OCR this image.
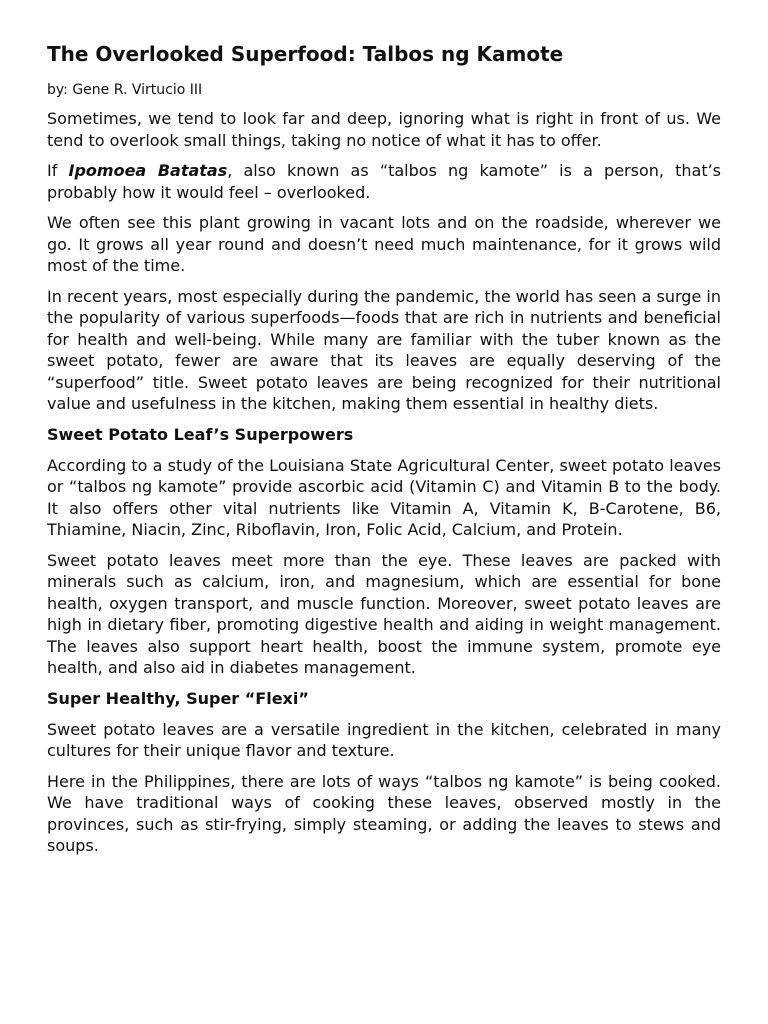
The Overlooked Superfood: Talbos ng Kamote

by: Gene R. Virtucio III

Sometimes, we tend to look far and deep, ignoring what is right in front of us. We tend to overlook small things, taking no notice of what it has to offer.

If Ipomoea Batatas, also known as “talbos ng kamote” is a person, that’s probably how it would feel – overlooked.

We often see this plant growing in vacant lots and on the roadside, wherever we go. It grows all year round and doesn’t need much maintenance, for it grows wild most of the time.

In recent years, most especially during the pandemic, the world has seen a surge in the popularity of various superfoods—foods that are rich in nutrients and beneficial for health and well-being. While many are familiar with the tuber known as the sweet potato, fewer are aware that its leaves are equally deserving of the “superfood” title. Sweet potato leaves are being recognized for their nutritional value and usefulness in the kitchen, making them essential in healthy diets.

Sweet Potato Leaf’s Superpowers

According to a study of the Louisiana State Agricultural Center, sweet potato leaves or “talbos ng kamote” provide ascorbic acid (Vitamin C) and Vitamin B to the body. It also offers other vital nutrients like Vitamin A, Vitamin K, B-Carotene, B6, Thiamine, Niacin, Zinc, Riboflavin, Iron, Folic Acid, Calcium, and Protein.

Sweet potato leaves meet more than the eye. These leaves are packed with minerals such as calcium, iron, and magnesium, which are essential for bone health, oxygen transport, and muscle function. Moreover, sweet potato leaves are high in dietary fiber, promoting digestive health and aiding in weight management. The leaves also support heart health, boost the immune system, promote eye health, and also aid in diabetes management.

Super Healthy, Super “Flexi”

Sweet potato leaves are a versatile ingredient in the kitchen, celebrated in many cultures for their unique flavor and texture.

Here in the Philippines, there are lots of ways “talbos ng kamote” is being cooked. We have traditional ways of cooking these leaves, observed mostly in the provinces, such as stir-frying, simply steaming, or adding the leaves to stews and soups.
